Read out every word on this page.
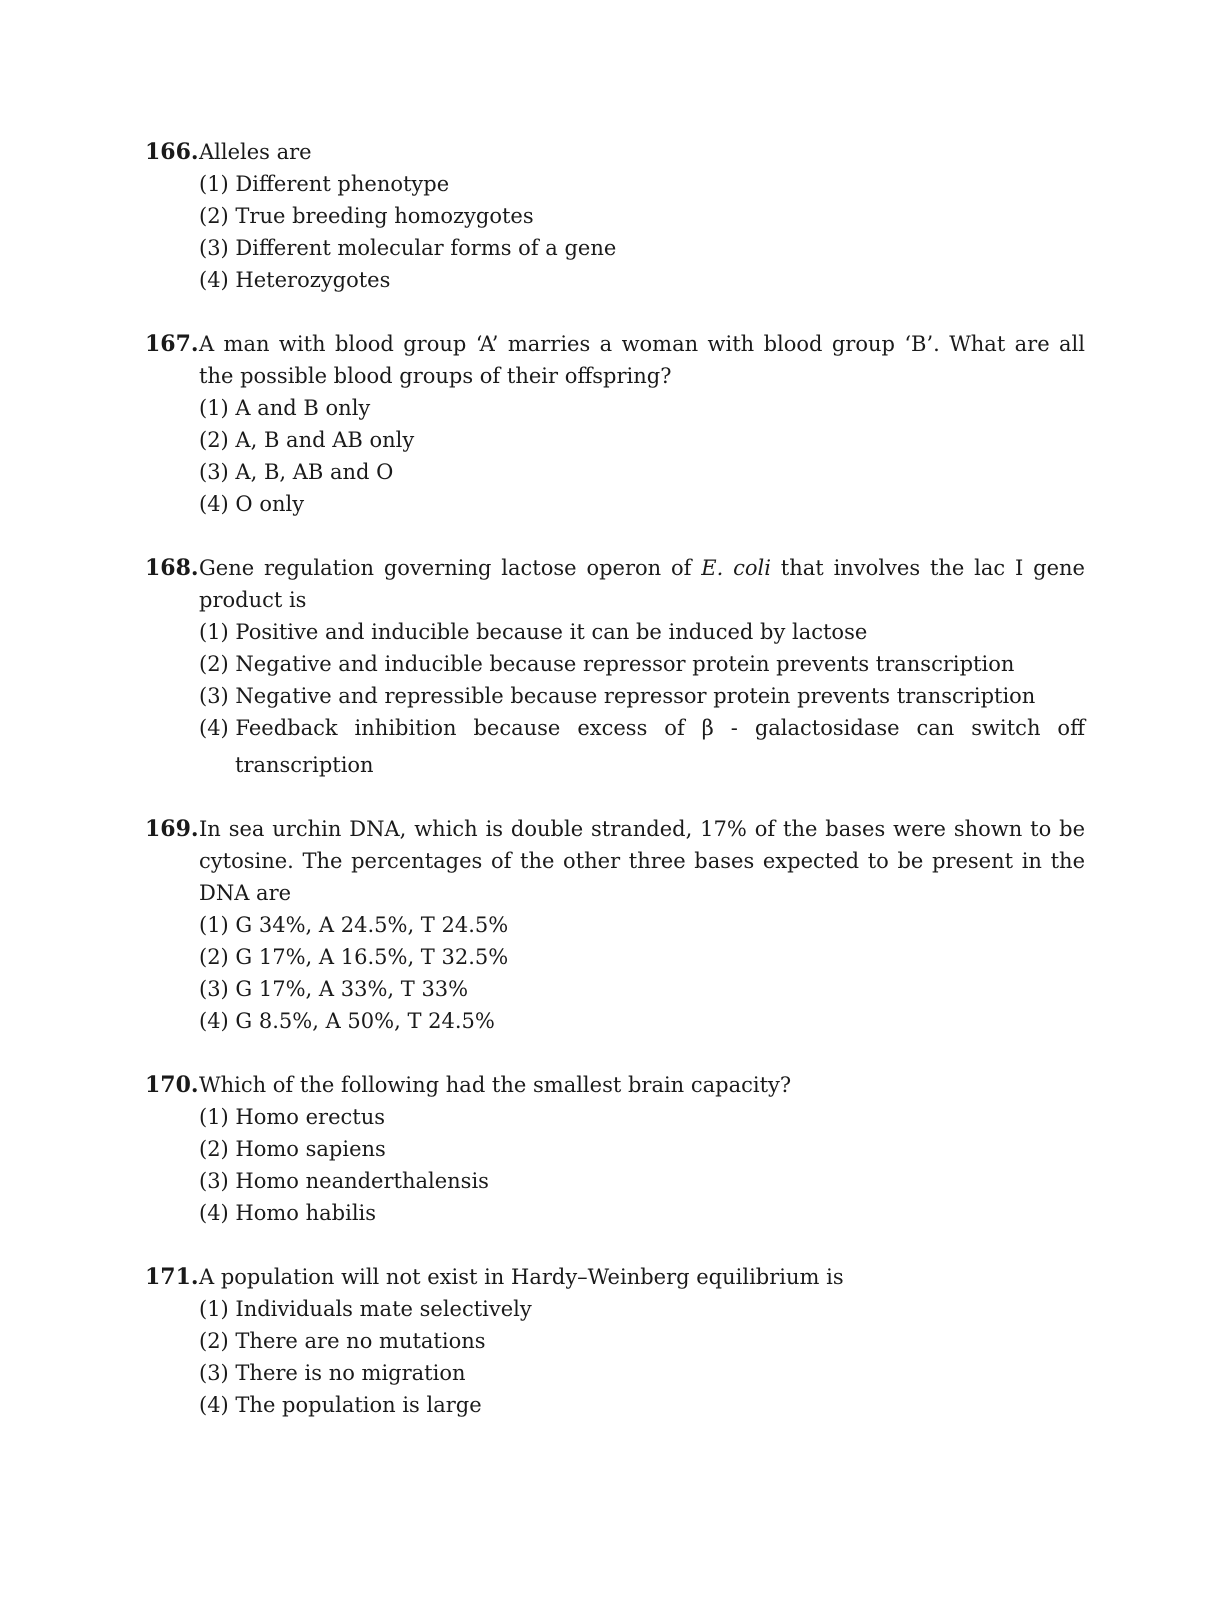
166. Alleles are
(1) Different phenotype
(2) True breeding homozygotes
(3) Different molecular forms of a gene
(4) Heterozygotes
167. A man with blood group ‘A’ marries a woman with blood group ‘B’. What are all the possible blood groups of their offspring?
(1) A and B only
(2) A, B and AB only
(3) A, B, AB and O
(4) O only
168. Gene regulation governing lactose operon of E. coli that involves the lac I gene product is
(1) Positive and inducible because it can be induced by lactose
(2) Negative and inducible because repressor protein prevents transcription
(3) Negative and repressible because repressor protein prevents transcription
(4) Feedback inhibition because excess of β - galactosidase can switch off
transcription
169. In sea urchin DNA, which is double stranded, 17% of the bases were shown to be cytosine. The percentages of the other three bases expected to be present in the DNA are
(1) G 34%, A 24.5%, T 24.5%
(2) G 17%, A 16.5%, T 32.5%
(3) G 17%, A 33%, T 33%
(4) G 8.5%, A 50%, T 24.5%
170. Which of the following had the smallest brain capacity?
(1) Homo erectus
(2) Homo sapiens
(3) Homo neanderthalensis
(4) Homo habilis
171. A population will not exist in Hardy–Weinberg equilibrium is
(1) Individuals mate selectively
(2) There are no mutations
(3) There is no migration
(4) The population is large
